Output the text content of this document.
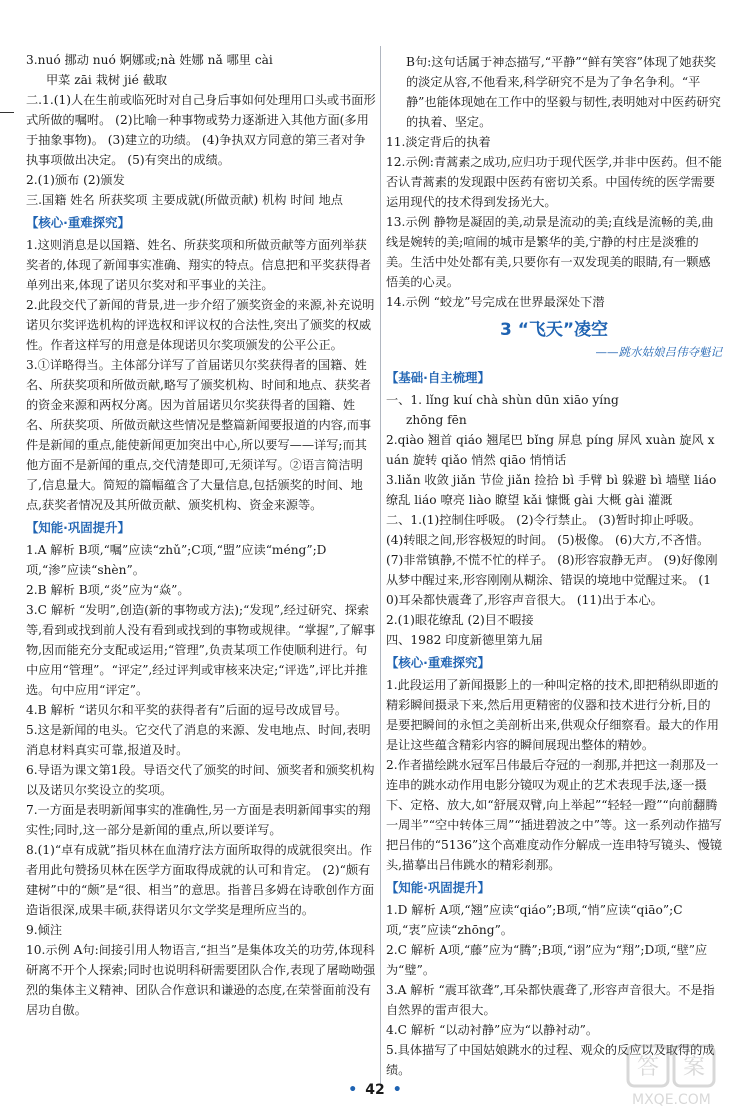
3.nuó 挪动 nuó 婀娜或;nà 姓娜 nǎ 哪里 cài

甲菜 zāi 栽树 jié 截取

二.1.(1)人在生前或临死时对自己身后事如何处理用口头或书面形式所做的嘱咐。 (2)比喻一种事物或势力逐渐进入其他方面(多用于抽象事物)。 (3)建立的功绩。 (4)争执双方同意的第三者对争执事项做出决定。 (5)有突出的成绩。

2.(1)颁布 (2)颁发

三.国籍 姓名 所获奖项 主要成就(所做贡献) 机构 时间 地点

【核心·重难探究】

1.这则消息是以国籍、姓名、所获奖项和所做贡献等方面列举获奖者的,体现了新闻事实准确、翔实的特点。信息把和平奖获得者单列出来,体现了诺贝尔奖对和平事业的关注。

2.此段交代了新闻的背景,进一步介绍了颁奖资金的来源,补充说明诺贝尔奖评选机构的评选权和评议权的合法性,突出了颁奖的权威性。作者这样写的用意是体现诺贝尔奖项颁发的公平公正。

3.①详略得当。主体部分详写了首届诺贝尔奖获得者的国籍、姓名、所获奖项和所做贡献,略写了颁奖机构、时间和地点、获奖者的资金来源和两权分离。因为首届诺贝尔奖获得者的国籍、姓名、所获奖项、所做贡献这些情况是整篇新闻要报道的内容,而事件是新闻的重点,能使新闻更加突出中心,所以要写——详写;而其他方面不是新闻的重点,交代清楚即可,无须详写。②语言简洁明了,信息量大。简短的篇幅蕴含了大量信息,包括颁奖的时间、地点,获奖者情况及其所做贡献、颁奖机构、资金来源等。

【知能·巩固提升】

1.A 解析 B项,“嘱”应读“zhǔ”;C项,“盟”应读“méng”;D项,“渗”应读“shèn”。

2.B 解析 B项,“炎”应为“焱”。

3.C 解析 “发明”,创造(新的事物或方法);“发现”,经过研究、探索等,看到或找到前人没有看到或找到的事物或规律。“掌握”,了解事物,因而能充分支配或运用;“管理”,负责某项工作使顺利进行。句中应用“管理”。“评定”,经过评判或审核来决定;“评选”,评比并推选。句中应用“评定”。

4.B 解析 “诺贝尔和平奖的获得者有”后面的逗号改成冒号。

5.这是新闻的电头。它交代了消息的来源、发电地点、时间,表明消息材料真实可靠,报道及时。

6.导语为课文第1段。导语交代了颁奖的时间、颁奖者和颁奖机构以及诺贝尔奖设立的奖项。

7.一方面是表明新闻事实的准确性,另一方面是表明新闻事实的翔实性;同时,这一部分是新闻的重点,所以要详写。

8.(1)“卓有成就”指贝林在血清疗法方面所取得的成就很突出。作者用此句赞扬贝林在医学方面取得成就的认可和肯定。 (2)“颇有建树”中的“颇”是“很、相当”的意思。指普吕多姆在诗歌创作方面造诣很深,成果丰硕,获得诺贝尔文学奖是理所应当的。

9.倾注

10.示例 A句:间接引用人物语言,“担当”是集体攻关的功劳,体现科研离不开个人探索;同时也说明科研需要团队合作,表现了屠呦呦强烈的集体主义精神、团队合作意识和谦逊的态度,在荣誉面前没有居功自傲。

B句:这句话属于神态描写,“平静”“鲜有笑容”体现了她获奖的淡定从容,不他看来,科学研究不是为了争名争利。“平静”也能体现她在工作中的坚毅与韧性,表明她对中医药研究的执着、坚定。

11.淡定背后的执着

12.示例:青蒿素之成功,应归功于现代医学,并非中医药。但不能否认青蒿素的发现跟中医药有密切关系。中国传统的医学需要运用现代的技术得到发扬光大。

13.示例 静物是凝固的美,动景是流动的美;直线是流畅的美,曲线是婉转的美;喧闹的城市是繁华的美,宁静的村庄是淡雅的美。生活中处处都有美,只要你有一双发现美的眼睛,有一颗感悟美的心灵。

14.示例 “蛟龙”号完成在世界最深处下潜

3 “飞天”凌空
——跳水姑娘吕伟夺魁记
【基础·自主梳理】

一、1. lǐng kuí chà shùn dūn xiāo yíng

zhōng fēn

2.qiào 翘首 qiáo 翘尾巴 bǐng 屏息 píng 屏风 xuàn 旋风 xuán 旋转 qiǎo 悄然 qiāo 悄悄话

3.liǎn 收敛 jiǎn 节俭 jiǎn 捡拾 bì 手臂 bì 躲避 bì 墙壁 liáo 缭乱 liáo 嘹亮 liào 瞭望 kǎi 慷慨 gài 大概 gài 灌溉

二、1.(1)控制住呼吸。 (2)令行禁止。 (3)暂时抑止呼吸。 (4)转眼之间,形容极短的时间。 (5)极像。 (6)大方,不吝惜。 (7)非常镇静,不慌不忙的样子。 (8)形容寂静无声。 (9)好像刚从梦中醒过来,形容刚刚从糊涂、错误的境地中觉醒过来。 (10)耳朵都快震聋了,形容声音很大。 (11)出于本心。

2.(1)眼花缭乱 (2)目不暇接

四、1982 印度新德里第九届

【核心·重难探究】

1.此段运用了新闻摄影上的一种叫定格的技术,即把稍纵即逝的精彩瞬间摄录下来,然后用更精密的仪器和技术进行分析,目的是要把瞬间的永恒之美剖析出来,供观众仔细察看。最大的作用是让这些蕴含精彩内容的瞬间展现出整体的精妙。

2.作者描绘跳水冠军吕伟最后夺冠的一刹那,并把这一刹那及一连串的跳水动作用电影分镜叹为观止的艺术表现手法,逐一摄下、定格、放大,如“舒展双臂,向上举起”“轻轻一蹬”“向前翻腾一周半”“空中转体三周”“插进碧波之中”等。这一系列动作描写把吕伟的“5136”这个高难度动作分解成一连串特写镜头、慢镜头,描摹出吕伟跳水的精彩刹那。

【知能·巩固提升】

1.D 解析 A项,“翘”应读“qiáo”;B项,“悄”应读“qiāo”;C项,“衷”应读“zhōng”。

2.C 解析 A项,“藤”应为“腾”;B项,“诩”应为“翔”;D项,“壁”应为“璧”。

3.A 解析 “震耳欲聋”,耳朵都快震聋了,形容声音很大。不是指自然界的雷声很大。

4.C 解析 “以动衬静”应为“以静衬动”。

5.具体描写了中国姑娘跳水的过程、观众的反应以及取得的成绩。

• 42 •
答 案
MXQE.COM
